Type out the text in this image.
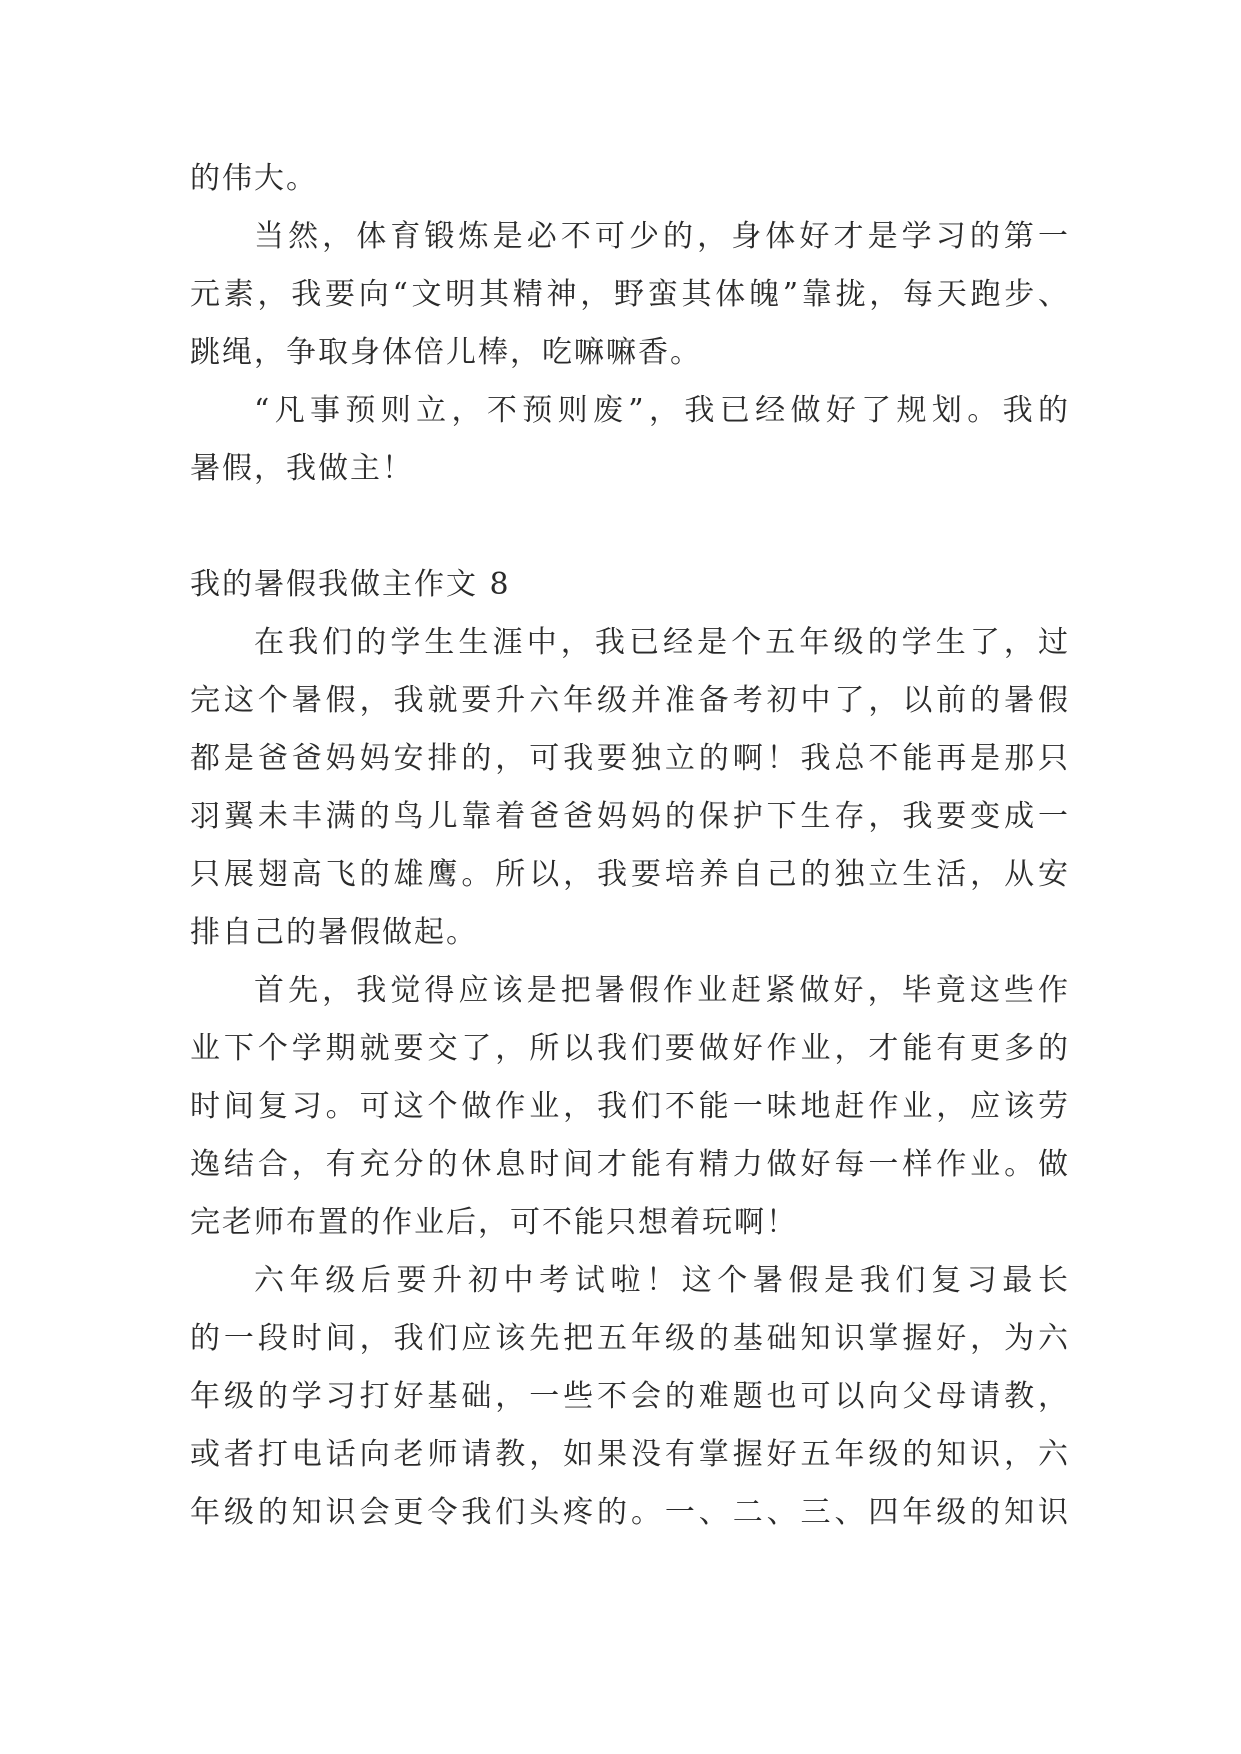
的伟大。
当然，体育锻炼是必不可少的，身体好才是学习的第一
元素，我要向“文明其精神，野蛮其体魄”靠拢，每天跑步、
跳绳，争取身体倍儿棒，吃嘛嘛香。
“凡事预则立，不预则废”，我已经做好了规划。我的
暑假，我做主！
我的暑假我做主作文 8
在我们的学生生涯中，我已经是个五年级的学生了，过
完这个暑假，我就要升六年级并准备考初中了，以前的暑假
都是爸爸妈妈安排的，可我要独立的啊！我总不能再是那只
羽翼未丰满的鸟儿靠着爸爸妈妈的保护下生存，我要变成一
只展翅高飞的雄鹰。所以，我要培养自己的独立生活，从安
排自己的暑假做起。
首先，我觉得应该是把暑假作业赶紧做好，毕竟这些作
业下个学期就要交了，所以我们要做好作业，才能有更多的
时间复习。可这个做作业，我们不能一味地赶作业，应该劳
逸结合，有充分的休息时间才能有精力做好每一样作业。做
完老师布置的作业后，可不能只想着玩啊！
六年级后要升初中考试啦！这个暑假是我们复习最长
的一段时间，我们应该先把五年级的基础知识掌握好，为六
年级的学习打好基础，一些不会的难题也可以向父母请教，
或者打电话向老师请教，如果没有掌握好五年级的知识，六
年级的知识会更令我们头疼的。一、二、三、四年级的知识
